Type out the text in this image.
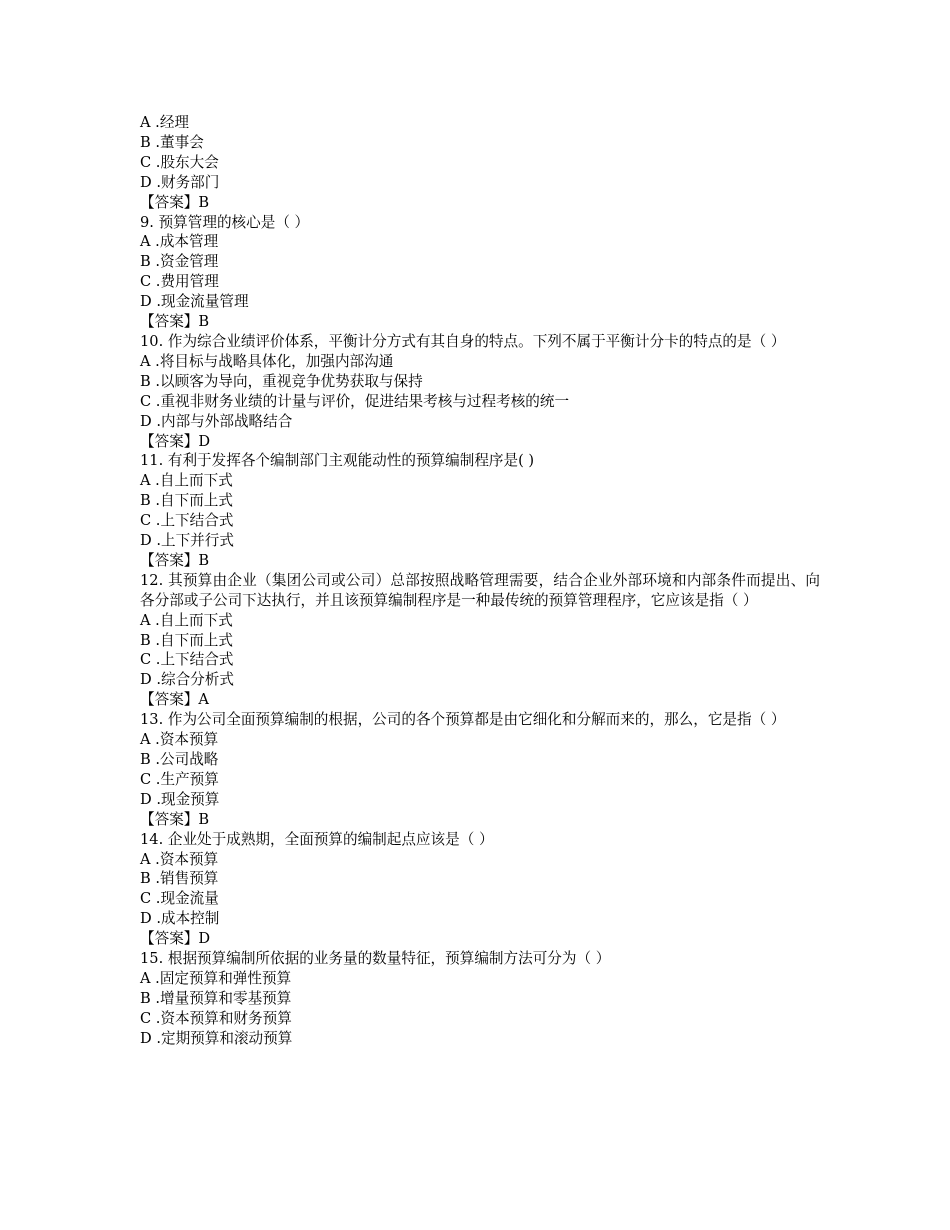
A .经理
B .董事会
C .股东大会
D .财务部门
【答案】B
9. 预算管理的核心是（ ）
A .成本管理
B .资金管理
C .费用管理
D .现金流量管理
【答案】B
10. 作为综合业绩评价体系，平衡计分方式有其自身的特点。下列不属于平衡计分卡的特点的是（ ）
A .将目标与战略具体化，加强内部沟通
B .以顾客为导向，重视竞争优势获取与保持
C .重视非财务业绩的计量与评价，促进结果考核与过程考核的统一
D .内部与外部战略结合
【答案】D
11. 有利于发挥各个编制部门主观能动性的预算编制程序是( )
A .自上而下式
B .自下而上式
C .上下结合式
D .上下并行式
【答案】B
12. 其预算由企业（集团公司或公司）总部按照战略管理需要，结合企业外部环境和内部条件而提出、向各分部或子公司下达执行，并且该预算编制程序是一种最传统的预算管理程序，它应该是指（ ）
A .自上而下式
B .自下而上式
C .上下结合式
D .综合分析式
【答案】A
13. 作为公司全面预算编制的根据，公司的各个预算都是由它细化和分解而来的，那么，它是指（ ）
A .资本预算
B .公司战略
C .生产预算
D .现金预算
【答案】B
14. 企业处于成熟期，全面预算的编制起点应该是（ ）
A .资本预算
B .销售预算
C .现金流量
D .成本控制
【答案】D
15. 根据预算编制所依据的业务量的数量特征，预算编制方法可分为（ ）
A .固定预算和弹性预算
B .增量预算和零基预算
C .资本预算和财务预算
D .定期预算和滚动预算
